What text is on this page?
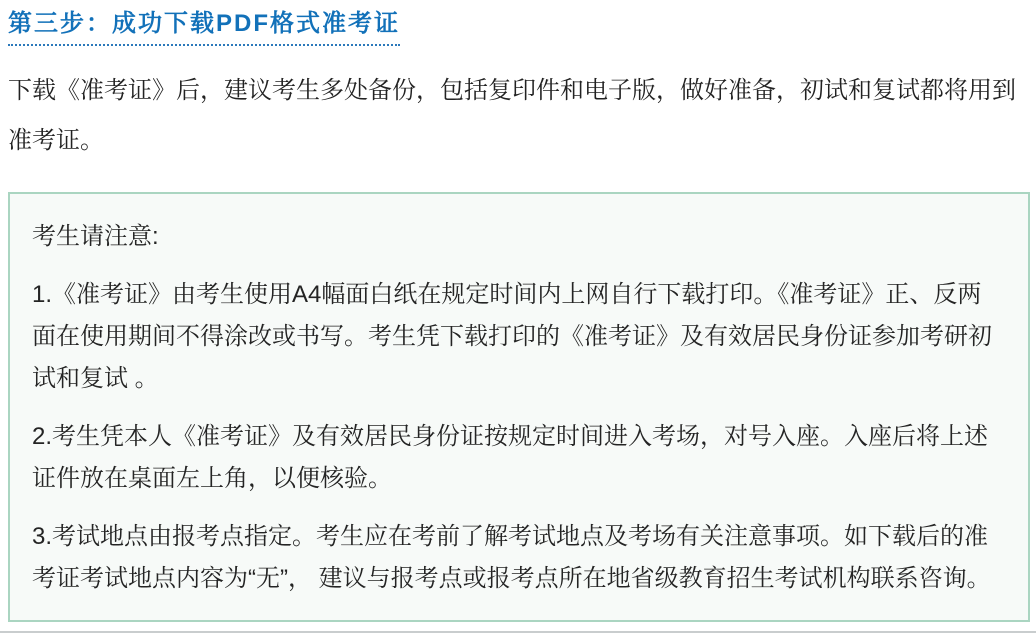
第三步：成功下载PDF格式准考证

下载《准考证》后，建议考生多处备份，包括复印件和电子版，做好准备，初试和复试都将用到准考证。

考生请注意:

1.《准考证》由考生使用A4幅面白纸在规定时间内上网自行下载打印。《准考证》正、反两面在使用期间不得涂改或书写。考生凭下载打印的《准考证》及有效居民身份证参加考研初试和复试 。

2.考生凭本人《准考证》及有效居民身份证按规定时间进入考场，对号入座。入座后将上述证件放在桌面左上角，以便核验。

3.考试地点由报考点指定。考生应在考前了解考试地点及考场有关注意事项。如下载后的准考证考试地点内容为“无”， 建议与报考点或报考点所在地省级教育招生考试机构联系咨询。
